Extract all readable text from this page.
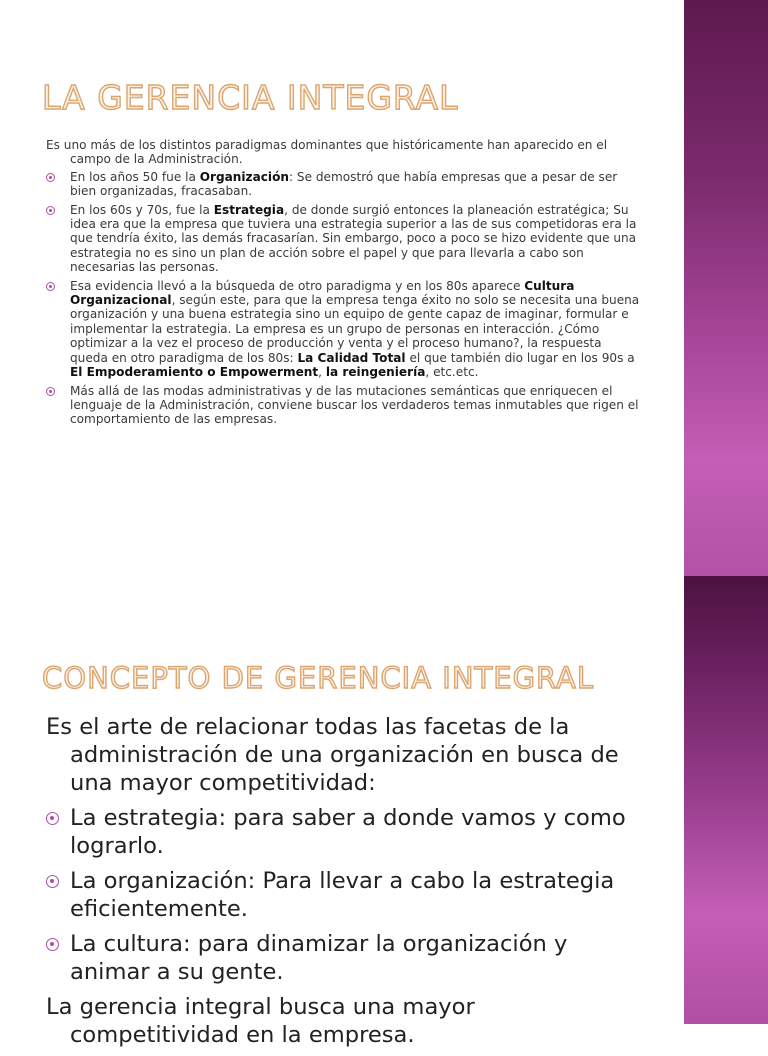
LA GERENCIA INTEGRAL

Es uno más de los distintos paradigmas dominantes que históricamente han aparecido en el campo de la Administración.

En los años 50 fue la Organización: Se demostró que había empresas que a pesar de ser bien organizadas, fracasaban.
En los 60s y 70s, fue la Estrategia, de donde surgió entonces la planeación estratégica; Su idea era que la empresa que tuviera una estrategia superior a las de sus competidoras era la que tendría éxito, las demás fracasarían. Sin embargo, poco a poco se hizo evidente que una estrategia no es sino un plan de acción sobre el papel y que para llevarla a cabo son necesarias las personas.
Esa evidencia llevó a la búsqueda de otro paradigma y en los 80s aparece Cultura Organizacional, según este, para que la empresa tenga éxito no solo se necesita una buena organización y una buena estrategia sino un equipo de gente capaz de imaginar, formular e implementar la estrategia. La empresa es un grupo de personas en interacción. ¿Cómo optimizar a la vez el proceso de producción y venta y el proceso humano?, la respuesta queda en otro paradigma de los 80s: La Calidad Total el que también dio lugar en los 90s a El Empoderamiento o Empowerment, la reingeniería, etc.etc.
Más allá de las modas administrativas y de las mutaciones semánticas que enriquecen el lenguaje de la Administración, conviene buscar los verdaderos temas inmutables que rigen el comportamiento de las empresas.
CONCEPTO DE GERENCIA INTEGRAL

Es el arte de relacionar todas las facetas de la administración de una organización en busca de una mayor competitividad:

La estrategia: para saber a donde vamos y como lograrlo.
La organización: Para llevar a cabo la estrategia eficientemente.
La cultura: para dinamizar la organización y animar a su gente.

La gerencia integral busca una mayor competitividad en la empresa.
